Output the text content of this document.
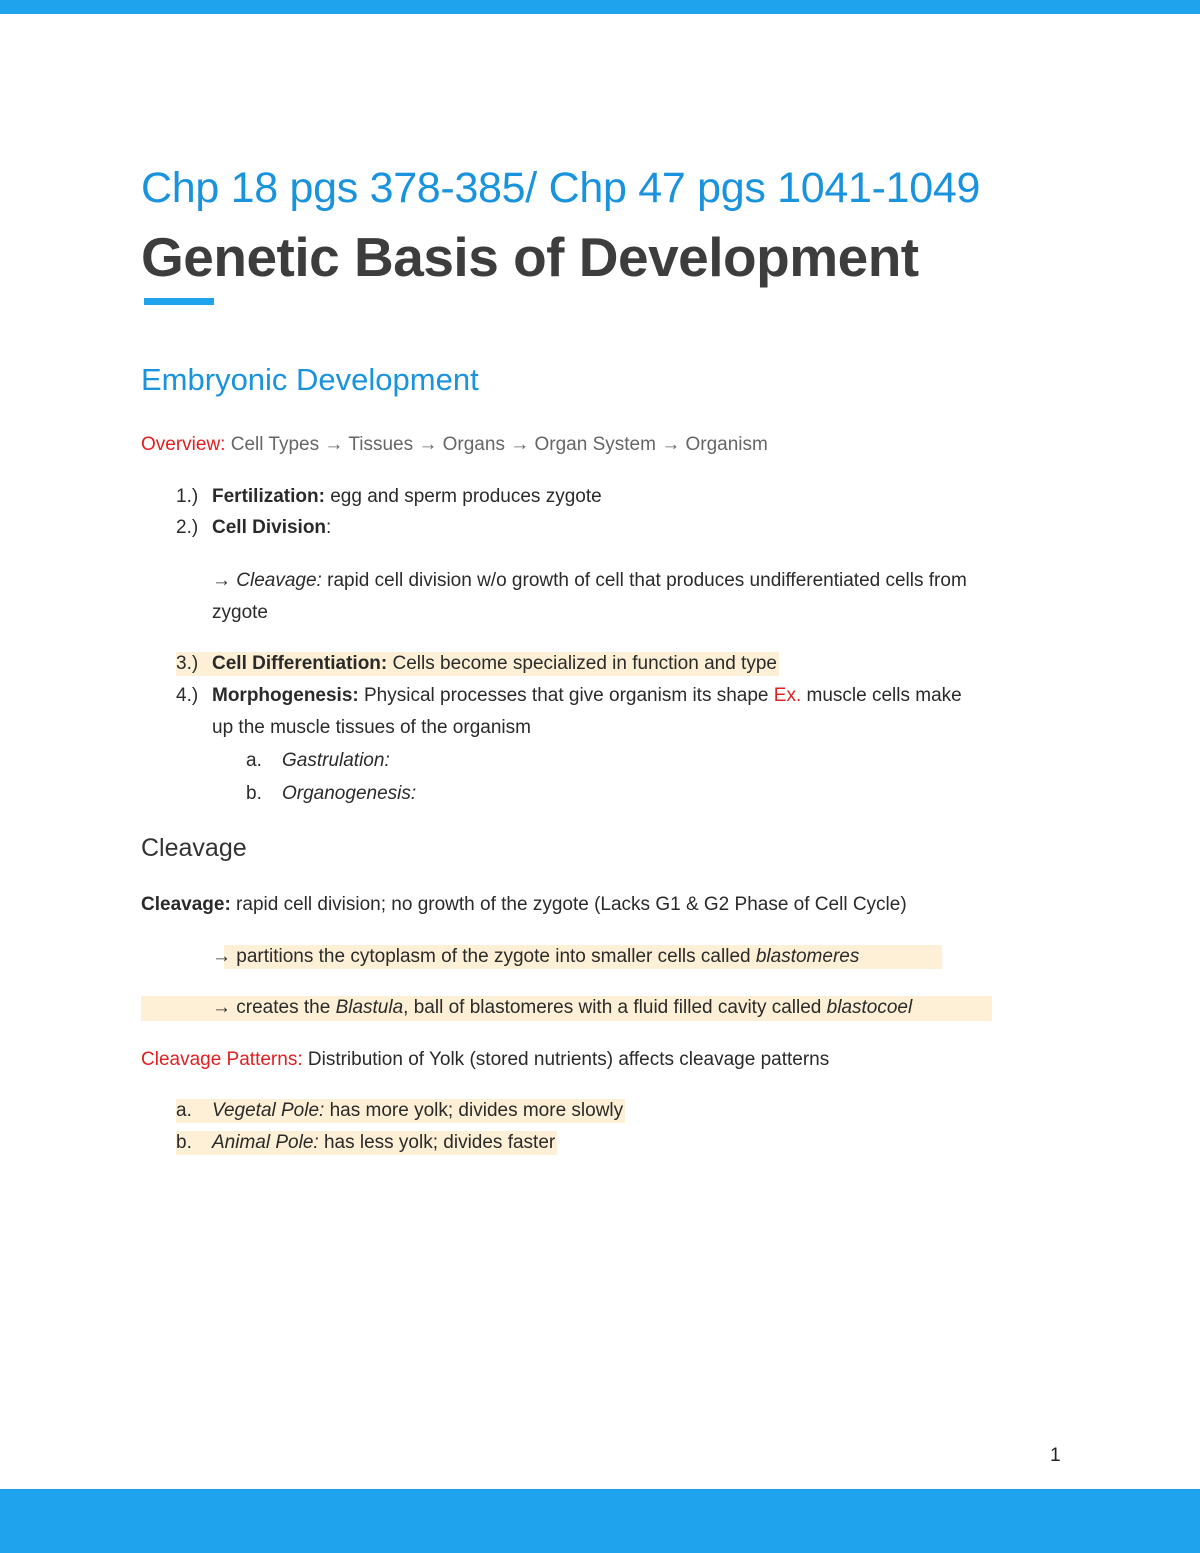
Chp 18 pgs 378-385/ Chp 47 pgs 1041-1049
Genetic Basis of Development
Embryonic Development
Overview: Cell Types → Tissues → Organs → Organ System → Organism
1.) Fertilization: egg and sperm produces zygote
2.) Cell Division:
→ Cleavage: rapid cell division w/o growth of cell that produces undifferentiated cells from
zygote
3.) Cell Differentiation: Cells become specialized in function and type
4.) Morphogenesis: Physical processes that give organism its shape Ex. muscle cells make
up the muscle tissues of the organism
a. Gastrulation:
b. Organogenesis:
Cleavage
Cleavage: rapid cell division; no growth of the zygote (Lacks G1 & G2 Phase of Cell Cycle)
→ partitions the cytoplasm of the zygote into smaller cells called
blastomeres
→ creates the Blastula, ball of blastomeres with a fluid filled cavity called blastocoel
Cleavage Patterns: Distribution of Yolk (stored nutrients) affects cleavage patterns
a. Vegetal Pole: has more yolk; divides more slowly
b. Animal Pole: has less yolk; divides faster
1
